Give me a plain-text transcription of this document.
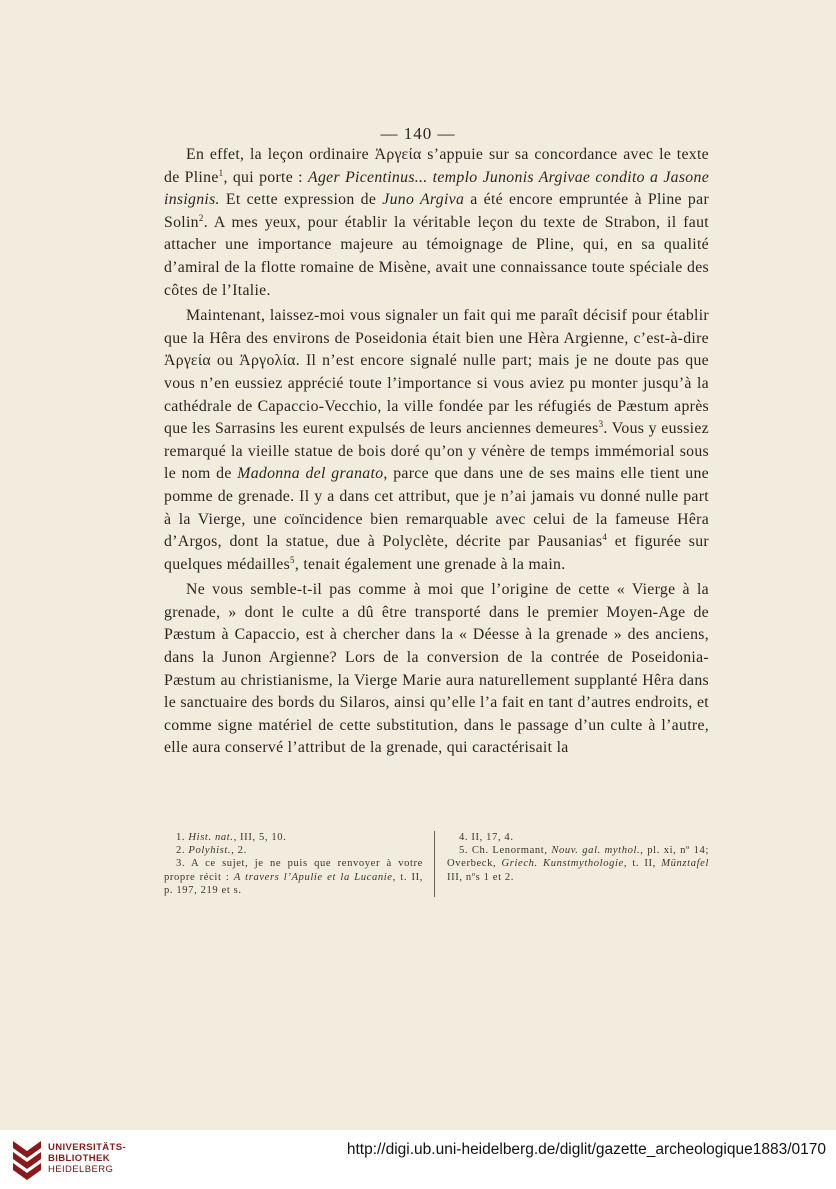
— 140 —

En effet, la leçon ordinaire Ἀργεία s’appuie sur sa concordance avec le texte de Pline$^1$, qui porte : Ager Picentinus... templo Junonis Argivae condito a Jasone insignis. Et cette expression de Juno Argiva a été encore empruntée à Pline par Solin$^2$. A mes yeux, pour établir la véritable leçon du texte de Strabon, il faut attacher une importance majeure au témoignage de Pline, qui, en sa qualité d’amiral de la flotte romaine de Misène, avait une connaissance toute spéciale des côtes de l’Italie.

Maintenant, laissez-moi vous signaler un fait qui me paraît décisif pour établir que la Hêra des environs de Poseidonia était bien une Hèra Argienne, c’est-à-dire Ἀργεία ou Ἀργολία. Il n’est encore signalé nulle part; mais je ne doute pas que vous n’en eussiez apprécié toute l’importance si vous aviez pu monter jusqu’à la cathédrale de Capaccio-Vecchio, la ville fondée par les réfugiés de Pæstum après que les Sarrasins les eurent expulsés de leurs anciennes demeures$^3$. Vous y eussiez remarqué la vieille statue de bois doré qu’on y vénère de temps immémorial sous le nom de Madonna del granato, parce que dans une de ses mains elle tient une pomme de grenade. Il y a dans cet attribut, que je n’ai jamais vu donné nulle part à la Vierge, une coïncidence bien remarquable avec celui de la fameuse Hêra d’Argos, dont la statue, due à Polyclète, décrite par Pausanias$^4$ et figurée sur quelques médailles$^5$, tenait également une grenade à la main.

Ne vous semble-t-il pas comme à moi que l’origine de cette « Vierge à la grenade, » dont le culte a dû être transporté dans le premier Moyen-Age de Pæstum à Capaccio, est à chercher dans la « Déesse à la grenade » des anciens, dans la Junon Argienne? Lors de la conversion de la contrée de Poseidonia-Pæstum au christianisme, la Vierge Marie aura naturellement supplanté Hêra dans le sanctuaire des bords du Silaros, ainsi qu’elle l’a fait en tant d’autres endroits, et comme signe matériel de cette substitution, dans le passage d’un culte à l’autre, elle aura conservé l’attribut de la grenade, qui caractérisait la

1. Hist. nat., III, 5, 10.
2. Polyhist., 2.
3. A ce sujet, je ne puis que renvoyer à votre propre récit : A travers l’Apulie et la Lucanie, t. II, p. 197, 219 et s.
4. II, 17, 4.
5. Ch. Lenormant, Nouv. gal. mythol., pl. xi, nº 14; Overbeck, Griech. Kunstmythologie, t. II, Münztafel III, nºs 1 et 2.
UNIVERSITÄTS-
BIBLIOTHEK
HEIDELBERG
http://digi.ub.uni-heidelberg.de/diglit/gazette_archeologique1883/0170
